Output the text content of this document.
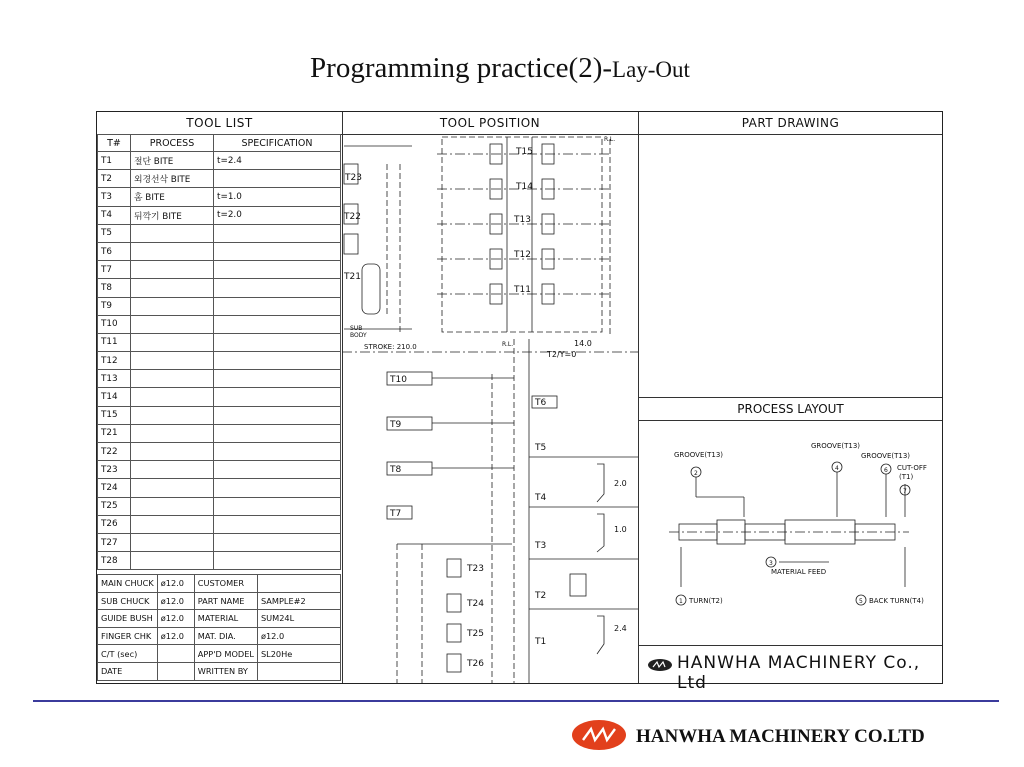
Programming practice(2)-Lay-Out
TOOL LIST
T#	PROCESS	SPECIFICATION
T1	절단 BITE	t=2.4
T2	외경선삭 BITE	
T3	홈 BITE	t=1.0
T4	뒤깍기 BITE	t=2.0
T5		
T6		
T7		
T8		
T9		
T10		
T11		
T12		
T13		
T14		
T15		
T21		
T22		
T23		
T24		
T25		
T26		
T27		
T28		
MAIN CHUCK	ø12.0	CUSTOMER	
SUB CHUCK	ø12.0	PART NAME	SAMPLE#2
GUIDE BUSH	ø12.0	MATERIAL	SUM24L
FINGER CHK	ø12.0	MAT. DIA.	ø12.0
C/T (sec)		APP'D MODEL	SL20He
DATE		WRITTEN BY	
TOOL POSITION
T15
T14
T13
T12
T11
T23
T22
T21
SUB
BODY
R.L.
STROKE: 210.0	R.L.	14.0
T2/Y=0
T10
T9
T8
T7
T6
T5
T4
T3
T2
T1
2.0
1.0
2.4
T23
T24
T25
T26
PART DRAWING
PROCESS LAYOUT
GROOVE(T13)
GROOVE(T13)
GROOVE(T13)
CUT-OFF
(T1)
2
4	6
7
3
1	5
TURN(T2)
MATERIAL FEED
BACK TURN(T4)
HANWHA MACHINERY Co., Ltd
HANWHA MACHINERY CO.LTD
